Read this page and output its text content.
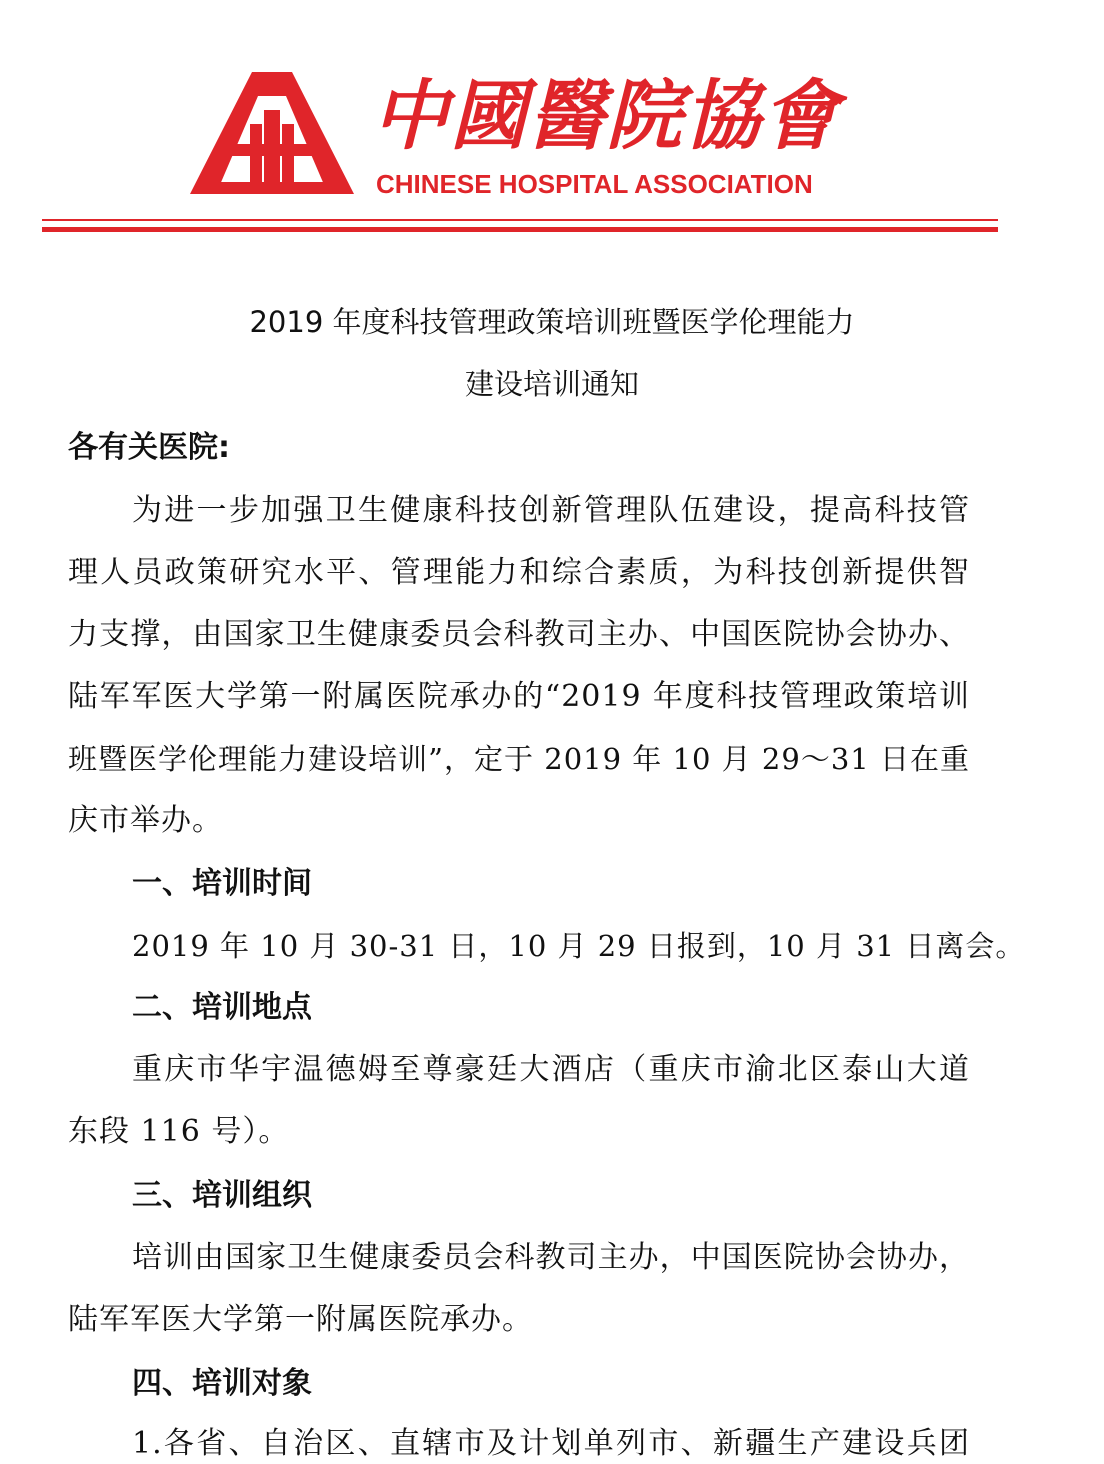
中國醫院協會
CHINESE HOSPITAL ASSOCIATION
2019 年度科技管理政策培训班暨医学伦理能力
建设培训通知
各有关医院:
为进一步加强卫生健康科技创新管理队伍建设，提高科技管
理人员政策研究水平、管理能力和综合素质，为科技创新提供智
力支撑，由国家卫生健康委员会科教司主办、中国医院协会协办、
陆军军医大学第一附属医院承办的“2019 年度科技管理政策培训
班暨医学伦理能力建设培训”，定于 2019 年 10 月 29～31 日在重
庆市举办。
一、培训时间
2019 年 10 月 30-31 日，10 月 29 日报到，10 月 31 日离会。
二、培训地点
重庆市华宇温德姆至尊豪廷大酒店（重庆市渝北区泰山大道
东段 116 号）。
三、培训组织
培训由国家卫生健康委员会科教司主办，中国医院协会协办，
陆军军医大学第一附属医院承办。
四、培训对象
1.各省、自治区、直辖市及计划单列市、新疆生产建设兵团
